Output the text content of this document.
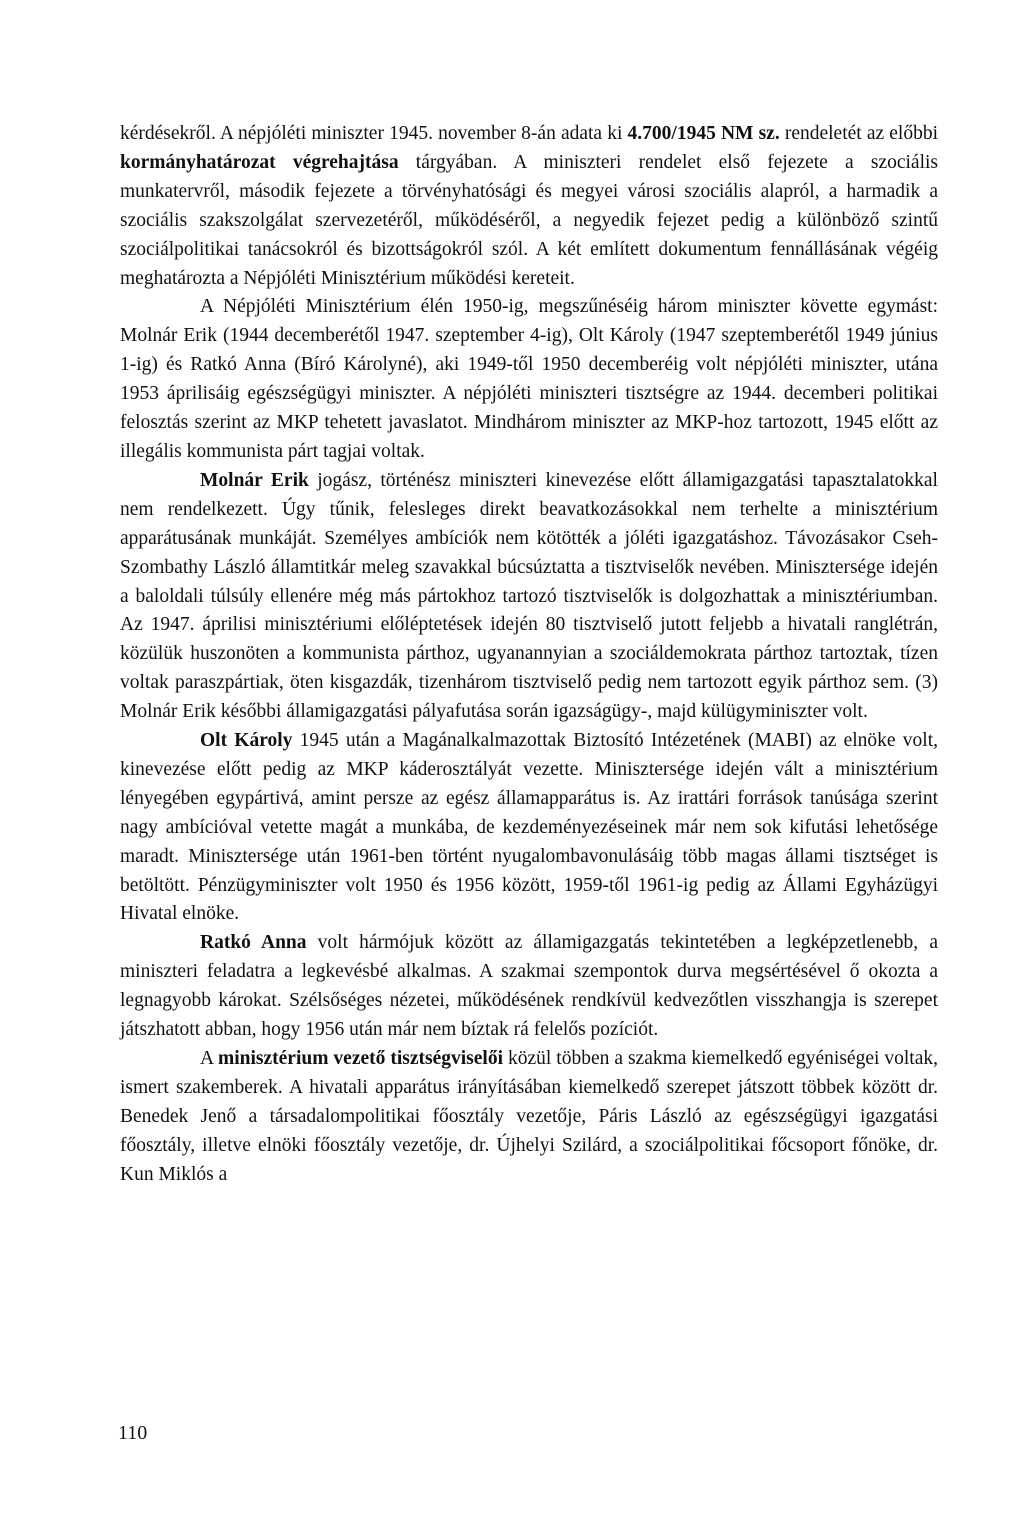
kérdésekről. A népjóléti miniszter 1945. november 8-án adata ki 4.700/1945 NM sz. rendeletét az előbbi kormányhatározat végrehajtása tárgyában. A miniszteri rendelet első fejezete a szociális munkatervről, második fejezete a törvényhatósági és megyei városi szociális alapról, a harmadik a szociális szakszolgálat szervezetéről, működéséről, a negyedik fejezet pedig a különböző szintű szociálpolitikai tanácsokról és bizottságokról szól. A két említett dokumentum fennállásának végéig meghatározta a Népjóléti Minisztérium működési kereteit.

A Népjóléti Minisztérium élén 1950-ig, megszűnéséig három miniszter követte egymást: Molnár Erik (1944 decemberétől 1947. szeptember 4-ig), Olt Károly (1947 szeptemberétől 1949 június 1-ig) és Ratkó Anna (Bíró Károlyné), aki 1949-től 1950 decemberéig volt népjóléti miniszter, utána 1953 áprilisáig egészségügyi miniszter. A népjóléti miniszteri tisztségre az 1944. decemberi politikai felosztás szerint az MKP tehetett javaslatot. Mindhárom miniszter az MKP-hoz tartozott, 1945 előtt az illegális kommunista párt tagjai voltak.

Molnár Erik jogász, történész miniszteri kinevezése előtt államigazgatási tapasztalatokkal nem rendelkezett. Úgy tűnik, felesleges direkt beavatkozásokkal nem terhelte a minisztérium apparátusának munkáját. Személyes ambíciók nem kötötték a jóléti igazgatáshoz. Távozásakor Cseh-Szombathy László államtitkár meleg szavakkal búcsúztatta a tisztviselők nevében. Minisztersége idején a baloldali túlsúly ellenére még más pártokhoz tartozó tisztviselők is dolgozhattak a minisztériumban. Az 1947. áprilisi minisztériumi előléptetések idején 80 tisztviselő jutott feljebb a hivatali ranglétrán, közülük huszonöten a kommunista párthoz, ugyanannyian a szociáldemokrata párthoz tartoztak, tízen voltak paraszpártiak, öten kisgazdák, tizenhárom tisztviselő pedig nem tartozott egyik párthoz sem. (3) Molnár Erik későbbi államigazgatási pályafutása során igazságügy-, majd külügyminiszter volt.

Olt Károly 1945 után a Magánalkalmazottak Biztosító Intézetének (MABI) az elnöke volt, kinevezése előtt pedig az MKP káderosztályát vezette. Minisztersége idején vált a minisztérium lényegében egypártivá, amint persze az egész államapparátus is. Az irattári források tanúsága szerint nagy ambícióval vetette magát a munkába, de kezdeményezéseinek már nem sok kifutási lehetősége maradt. Minisztersége után 1961-ben történt nyugalombavonulásáig több magas állami tisztséget is betöltött. Pénzügyminiszter volt 1950 és 1956 között, 1959-től 1961-ig pedig az Állami Egyházügyi Hivatal elnöke.

Ratkó Anna volt hármójuk között az államigazgatás tekintetében a legképzetlenebb, a miniszteri feladatra a legkevésbé alkalmas. A szakmai szempontok durva megsértésével ő okozta a legnagyobb károkat. Szélsőséges nézetei, működésének rendkívül kedvezőtlen visszhangja is szerepet játszhatott abban, hogy 1956 után már nem bíztak rá felelős pozíciót.

A minisztérium vezető tisztségviselői közül többen a szakma kiemelkedő egyéniségei voltak, ismert szakemberek. A hivatali apparátus irányításában kiemelkedő szerepet játszott többek között dr. Benedek Jenő a társadalompolitikai főosztály vezetője, Páris László az egészségügyi igazgatási főosztály, illetve elnöki főosztály vezetője, dr. Újhelyi Szilárd, a szociálpolitikai főcsoport főnöke, dr. Kun Miklós a

110
